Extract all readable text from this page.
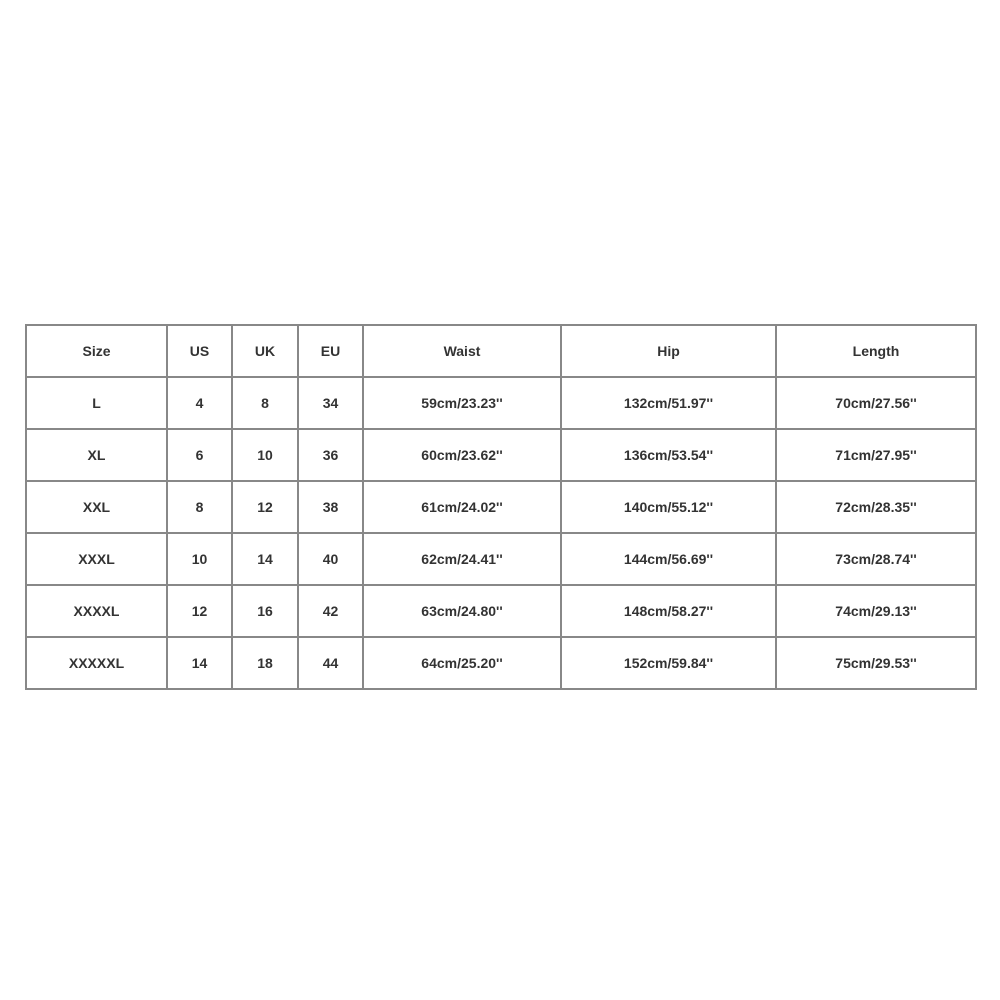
Size	US	UK	EU	Waist	Hip	Length
L	4	8	34	59cm/23.23''	132cm/51.97''	70cm/27.56''
XL	6	10	36	60cm/23.62''	136cm/53.54''	71cm/27.95''
XXL	8	12	38	61cm/24.02''	140cm/55.12''	72cm/28.35''
XXXL	10	14	40	62cm/24.41''	144cm/56.69''	73cm/28.74''
XXXXL	12	16	42	63cm/24.80''	148cm/58.27''	74cm/29.13''
XXXXXL	14	18	44	64cm/25.20''	152cm/59.84''	75cm/29.53''
